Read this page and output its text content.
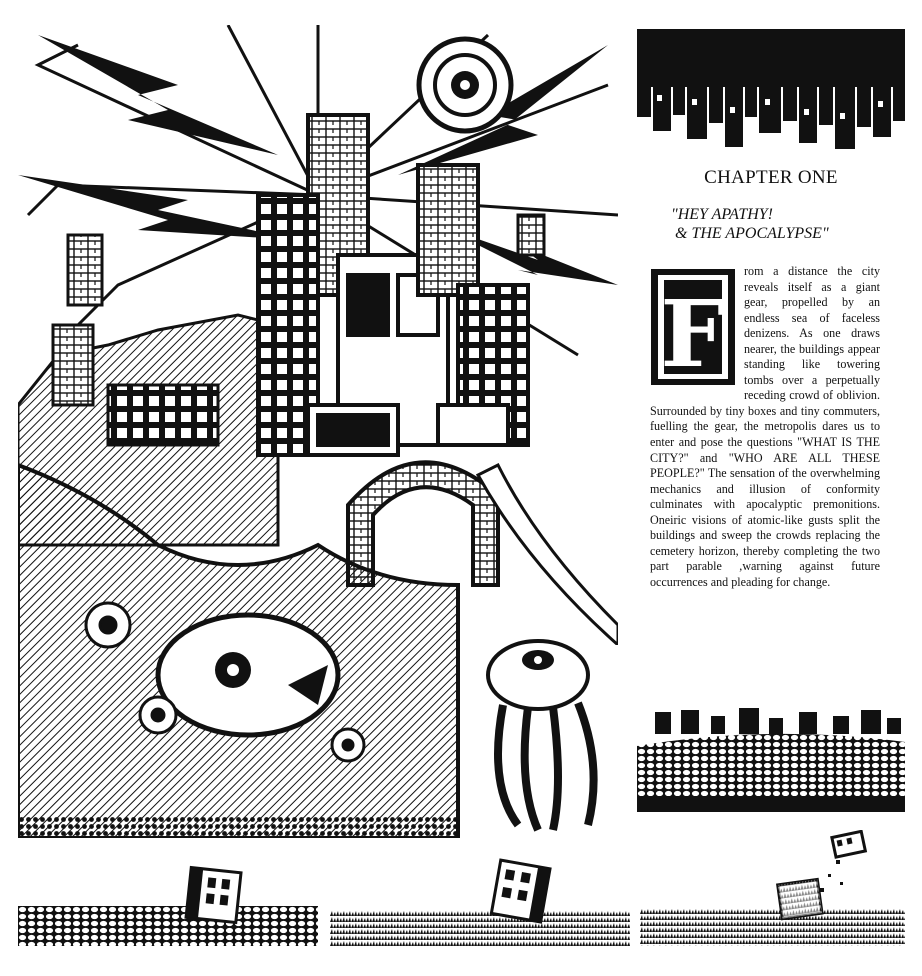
CHAPTER ONE
"HEY APATHY!
& THE APOCALYPSE"
F
rom a distance the city reveals itself as a giant gear, propelled by an endless sea of faceless denizens. As one draws nearer, the buildings appear standing like towering tombs over a perpetually receding crowd of oblivion. Surrounded by tiny boxes and tiny commuters, fuelling the gear, the metropolis dares us to enter and pose the questions "WHAT IS THE CITY?" and "WHO ARE ALL THESE PEOPLE?" The sensation of the overwhelming mechanics and illusion of conformity culminates with apocalyptic premonitions. Oneiric visions of atomic-like gusts split the buildings and sweep the crowds replacing the cemetery horizon, thereby completing the two part parable ,warning against future occurrences and pleading for change.
